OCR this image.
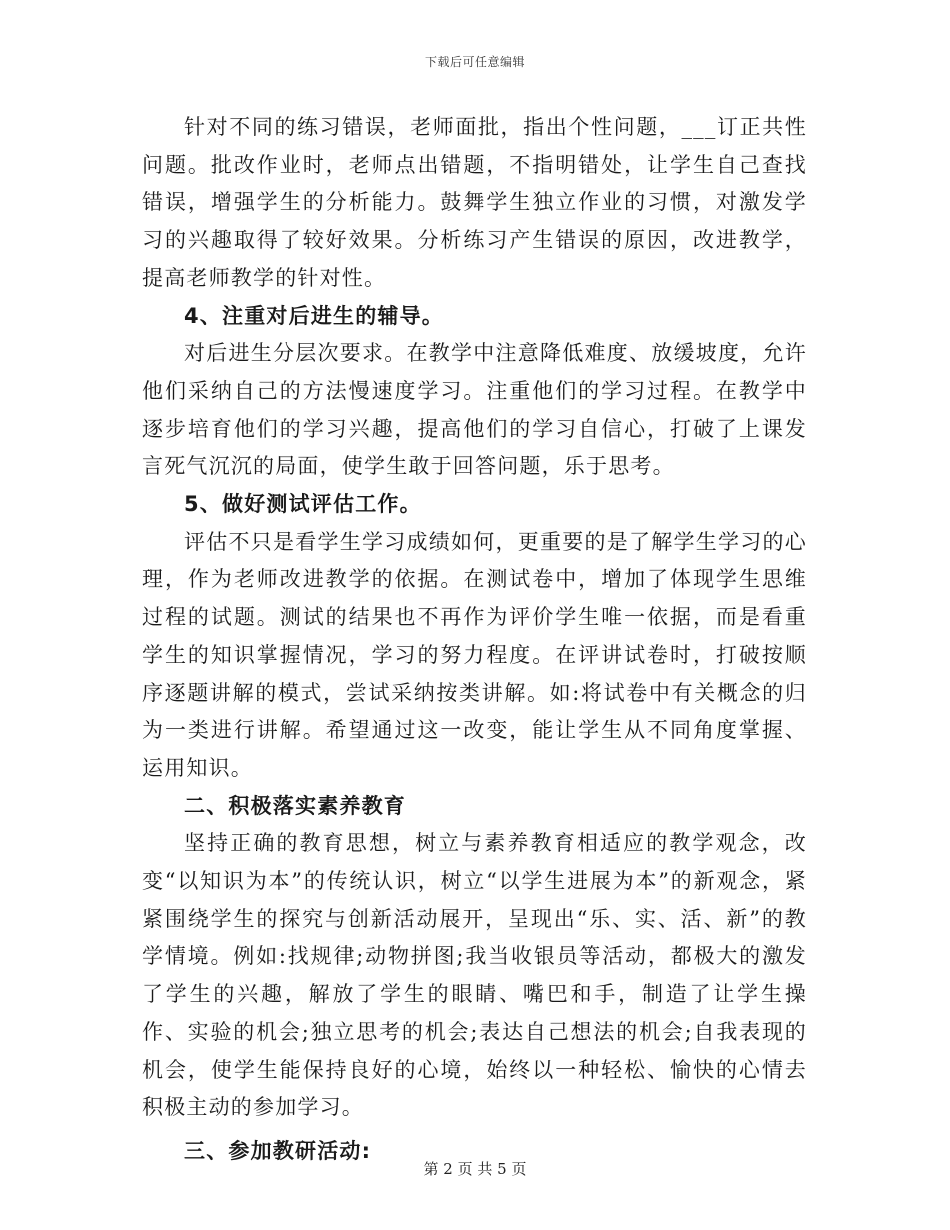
下载后可任意编辑

针对不同的练习错误，老师面批，指出个性问题，___订正共性问题。批改作业时，老师点出错题，不指明错处，让学生自己查找错误，增强学生的分析能力。鼓舞学生独立作业的习惯，对激发学习的兴趣取得了较好效果。分析练习产生错误的原因，改进教学，提高老师教学的针对性。

4、注重对后进生的辅导。

对后进生分层次要求。在教学中注意降低难度、放缓坡度，允许他们采纳自己的方法慢速度学习。注重他们的学习过程。在教学中逐步培育他们的学习兴趣，提高他们的学习自信心，打破了上课发言死气沉沉的局面，使学生敢于回答问题，乐于思考。

5、做好测试评估工作。

评估不只是看学生学习成绩如何，更重要的是了解学生学习的心理，作为老师改进教学的依据。在测试卷中，增加了体现学生思维过程的试题。测试的结果也不再作为评价学生唯一依据，而是看重学生的知识掌握情况，学习的努力程度。在评讲试卷时，打破按顺序逐题讲解的模式，尝试采纳按类讲解。如:将试卷中有关概念的归为一类进行讲解。希望通过这一改变，能让学生从不同角度掌握、运用知识。

二、积极落实素养教育

坚持正确的教育思想，树立与素养教育相适应的教学观念，改变“以知识为本”的传统认识，树立“以学生进展为本”的新观念，紧紧围绕学生的探究与创新活动展开，呈现出“乐、实、活、新”的教学情境。例如:找规律;动物拼图;我当收银员等活动，都极大的激发了学生的兴趣，解放了学生的眼睛、嘴巴和手，制造了让学生操作、实验的机会;独立思考的机会;表达自己想法的机会;自我表现的机会，使学生能保持良好的心境，始终以一种轻松、愉快的心情去积极主动的参加学习。

三、参加教研活动:

第 2 页 共 5 页
